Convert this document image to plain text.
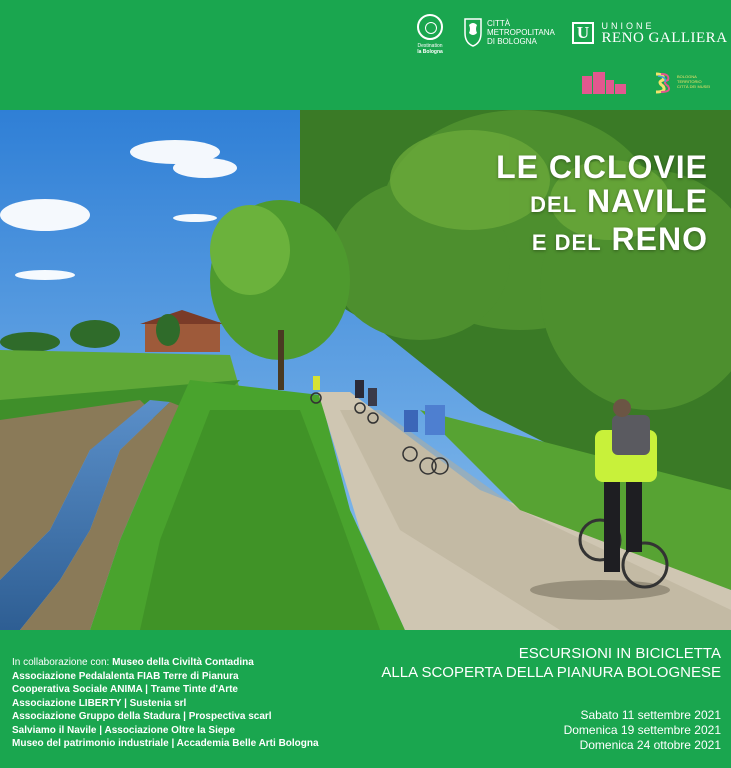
Destination
la Bologna
CITTÀ
METROPOLITANA
DI BOLOGNA	U UNIONE
RENO GALLIERA
BOLOGNA
TERRITORIO
CITTÀ DEI MUSEI
LE CICLOVIE
DEL NAVILE
E DEL RENO
In collaborazione con: Museo della Civiltà Contadina
Associazione Pedalalenta FIAB Terre di Pianura
Cooperativa Sociale ANIMA | Trame Tinte d'Arte
Associazione LIBERTY | Sustenia srl
Associazione Gruppo della Stadura | Prospectiva scarl
Salviamo il Navile | Associazione Oltre la Siepe
Museo del patrimonio industriale | Accademia Belle Arti Bologna
ESCURSIONI IN BICICLETTA
ALLA SCOPERTA DELLA PIANURA BOLOGNESE
Sabato 11 settembre 2021
Domenica 19 settembre 2021
Domenica 24 ottobre 2021
